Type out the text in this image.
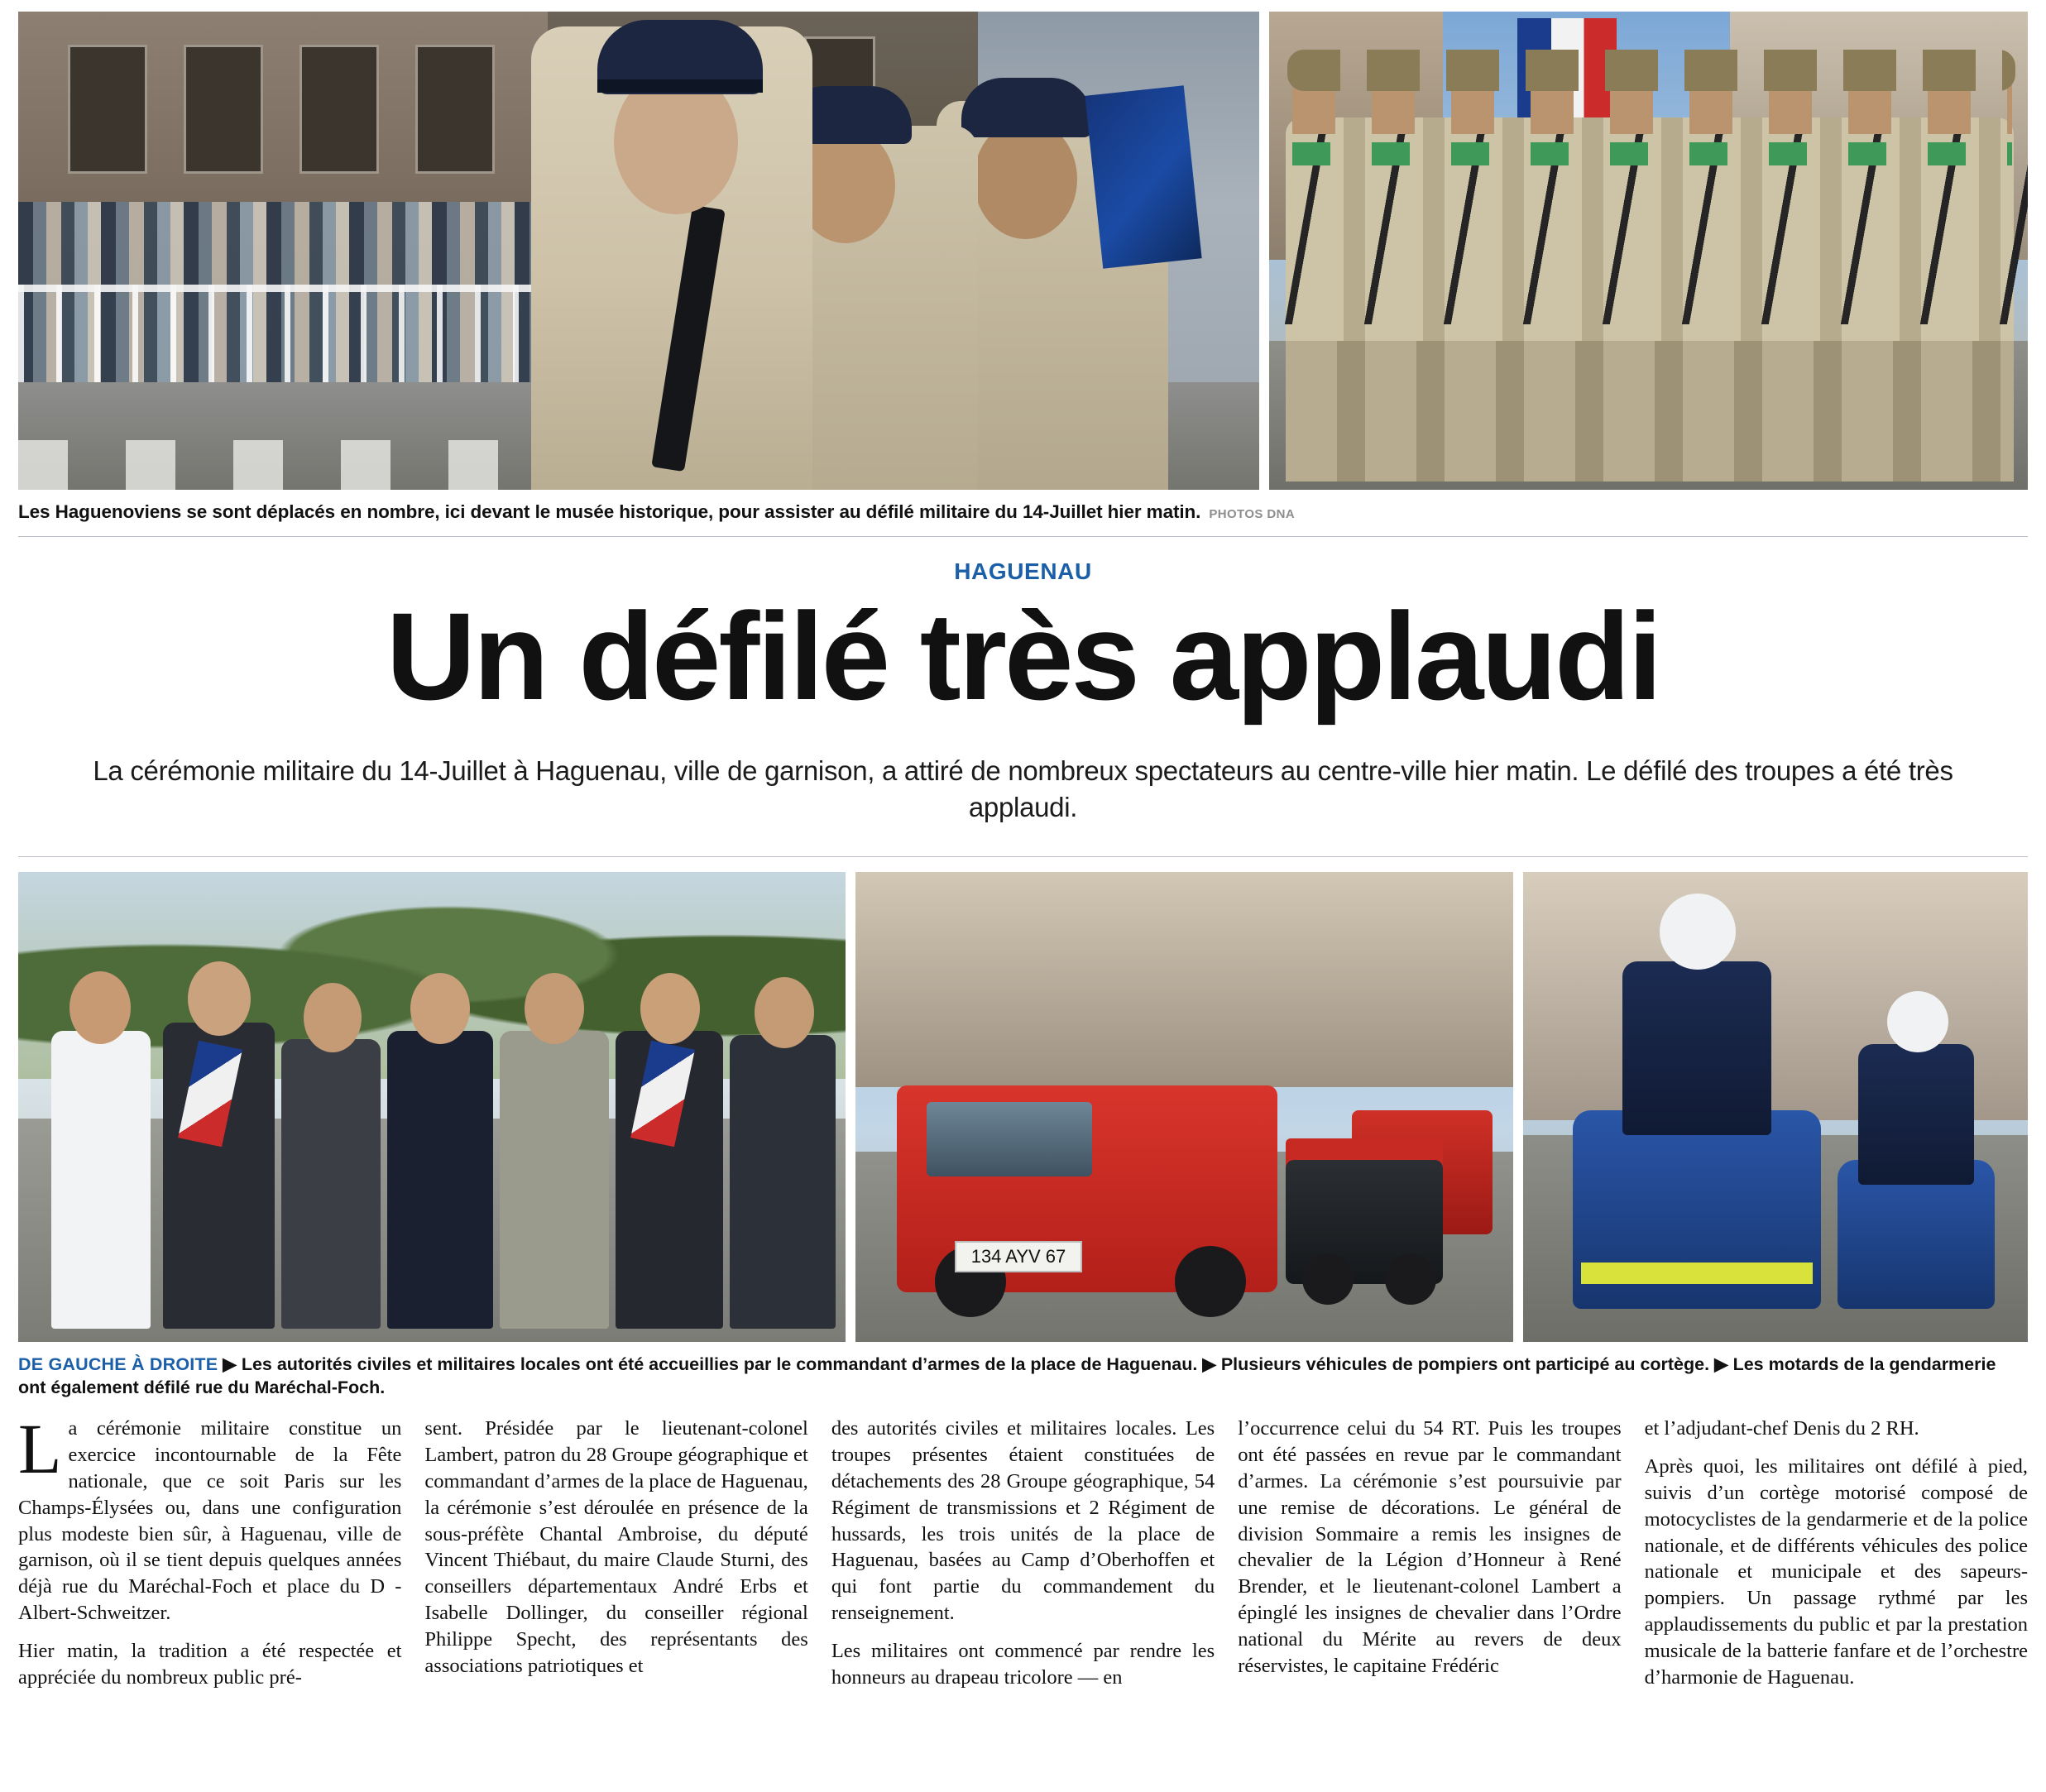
Les Haguenoviens se sont déplacés en nombre, ici devant le musée historique, pour assister au défilé militaire du 14-Juillet hier matin. PHOTOS DNA
HAGUENAU
Un défilé très applaudi
La cérémonie militaire du 14-Juillet à Haguenau, ville de garnison, a attiré de nombreux spectateurs au centre-ville hier matin. Le défilé des troupes a été très applaudi.
134 AYV 67
DE GAUCHE À DROITE ▶ Les autorités civiles et militaires locales ont été accueillies par le commandant d’armes de la place de Haguenau. ▶ Plusieurs véhicules de pompiers ont participé au cortège. ▶ Les motards de la gendarmerie ont également défilé rue du Maréchal-Foch.

La cérémonie militaire constitue un exercice incontournable de la Fête nationale, que ce soit Paris sur les Champs-Élysées ou, dans une configuration plus modeste bien sûr, à Haguenau, ville de garnison, où il se tient depuis quelques années déjà rue du Maréchal-Foch et place du D -Albert-Schweitzer.

Hier matin, la tradition a été respectée et appréciée du nombreux public pré-

sent. Présidée par le lieutenant-colonel Lambert, patron du 28 Groupe géographique et commandant d’armes de la place de Haguenau, la cérémonie s’est déroulée en présence de la sous-préfète Chantal Ambroise, du député Vincent Thiébaut, du maire Claude Sturni, des conseillers départementaux André Erbs et Isabelle Dollinger, du conseiller régional Philippe Specht, des représentants des associations patriotiques et

des autorités civiles et militaires locales. Les troupes présentes étaient constituées de détachements des 28 Groupe géographique, 54 Régiment de transmissions et 2 Régiment de hussards, les trois unités de la place de Haguenau, basées au Camp d’Oberhoffen et qui font partie du commandement du renseignement.

Les militaires ont commencé par rendre les honneurs au drapeau tricolore — en

l’occurrence celui du 54 RT. Puis les troupes ont été passées en revue par le commandant d’armes. La cérémonie s’est poursuivie par une remise de décorations. Le général de division Sommaire a remis les insignes de chevalier de la Légion d’Honneur à René Brender, et le lieutenant-colonel Lambert a épinglé les insignes de chevalier dans l’Ordre national du Mérite au revers de deux réservistes, le capitaine Frédéric

et l’adjudant-chef Denis du 2 RH.

Après quoi, les militaires ont défilé à pied, suivis d’un cortège motorisé composé de motocyclistes de la gendarmerie et de la police nationale, et de différents véhicules des police nationale et municipale et des sapeurs-pompiers. Un passage rythmé par les applaudissements du public et par la prestation musicale de la batterie fanfare et de l’orchestre d’harmonie de Haguenau.
